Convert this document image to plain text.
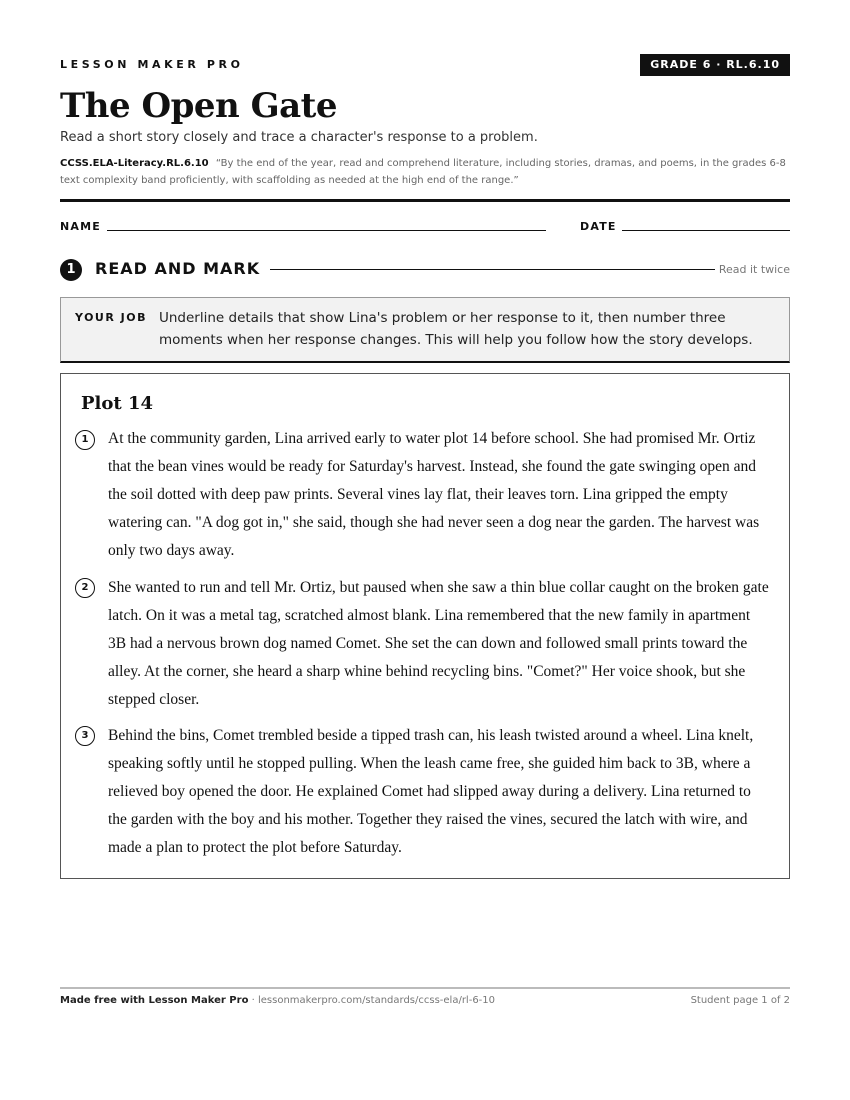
LESSON MAKER PRO	GRADE 6 · RL.6.10
The Open Gate
Read a short story closely and trace a character's response to a problem.
CCSS.ELA-Literacy.RL.6.10 “By the end of the year, read and comprehend literature, including stories, dramas, and poems, in the grades 6-8 text complexity band proficiently, with scaffolding as needed at the high end of the range.”
NAME	DATE
1	READ AND MARK	Read it twice
YOUR JOB Underline details that show Lina's problem or her response to it, then number three moments when her response changes. This will help you follow how the story develops.
Plot 14
1	At the community garden, Lina arrived early to water plot 14 before school. She had promised Mr. Ortiz that the bean vines would be ready for Saturday's harvest. Instead, she found the gate swinging open and the soil dotted with deep paw prints. Several vines lay flat, their leaves torn. Lina gripped the empty watering can. "A dog got in," she said, though she had never seen a dog near the garden. The harvest was only two days away.

2	She wanted to run and tell Mr. Ortiz, but paused when she saw a thin blue collar caught on the broken gate latch. On it was a metal tag, scratched almost blank. Lina remembered that the new family in apartment 3B had a nervous brown dog named Comet. She set the can down and followed small prints toward the alley. At the corner, she heard a sharp whine behind recycling bins. "Comet?" Her voice shook, but she stepped closer.

3	Behind the bins, Comet trembled beside a tipped trash can, his leash twisted around a wheel. Lina knelt, speaking softly until he stopped pulling. When the leash came free, she guided him back to 3B, where a relieved boy opened the door. He explained Comet had slipped away during a delivery. Lina returned to the garden with the boy and his mother. Together they raised the vines, secured the latch with wire, and made a plan to protect the plot before Saturday.

Made free with Lesson Maker Pro · lessonmakerpro.com/standards/ccss-ela/rl-6-10	Student page 1 of 2
